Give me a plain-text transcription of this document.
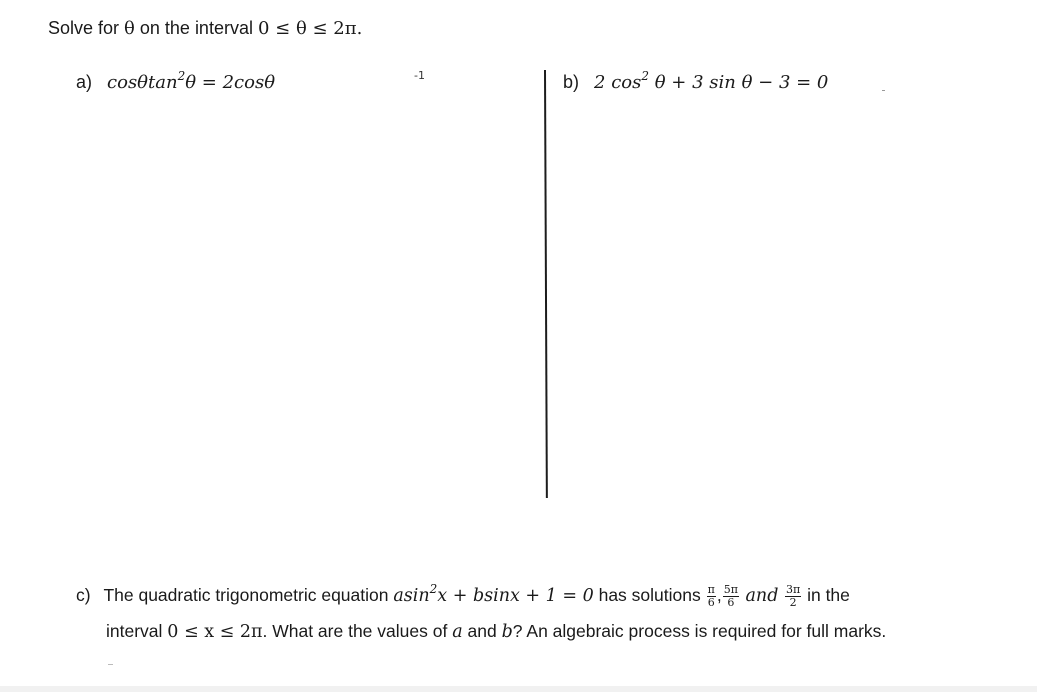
Solve for θ on the interval 0 ≤ θ ≤ 2π.
a) cosθtan$^2$θ = 2cosθ	-1	b) 2 $\cos^2 \theta + 3$ sin θ − 3 = 0
c) The quadratic trigonometric equation asin$^2$x + bsinx + 1 = 0 has solutions $\frac{\pi}{6}$ , $\frac{5\pi}{6}$ and $\frac{3\pi}{2}$ in the
interval 0 ≤ x ≤ 2π. What are the values of a and b? An algebraic process is required for full marks.
